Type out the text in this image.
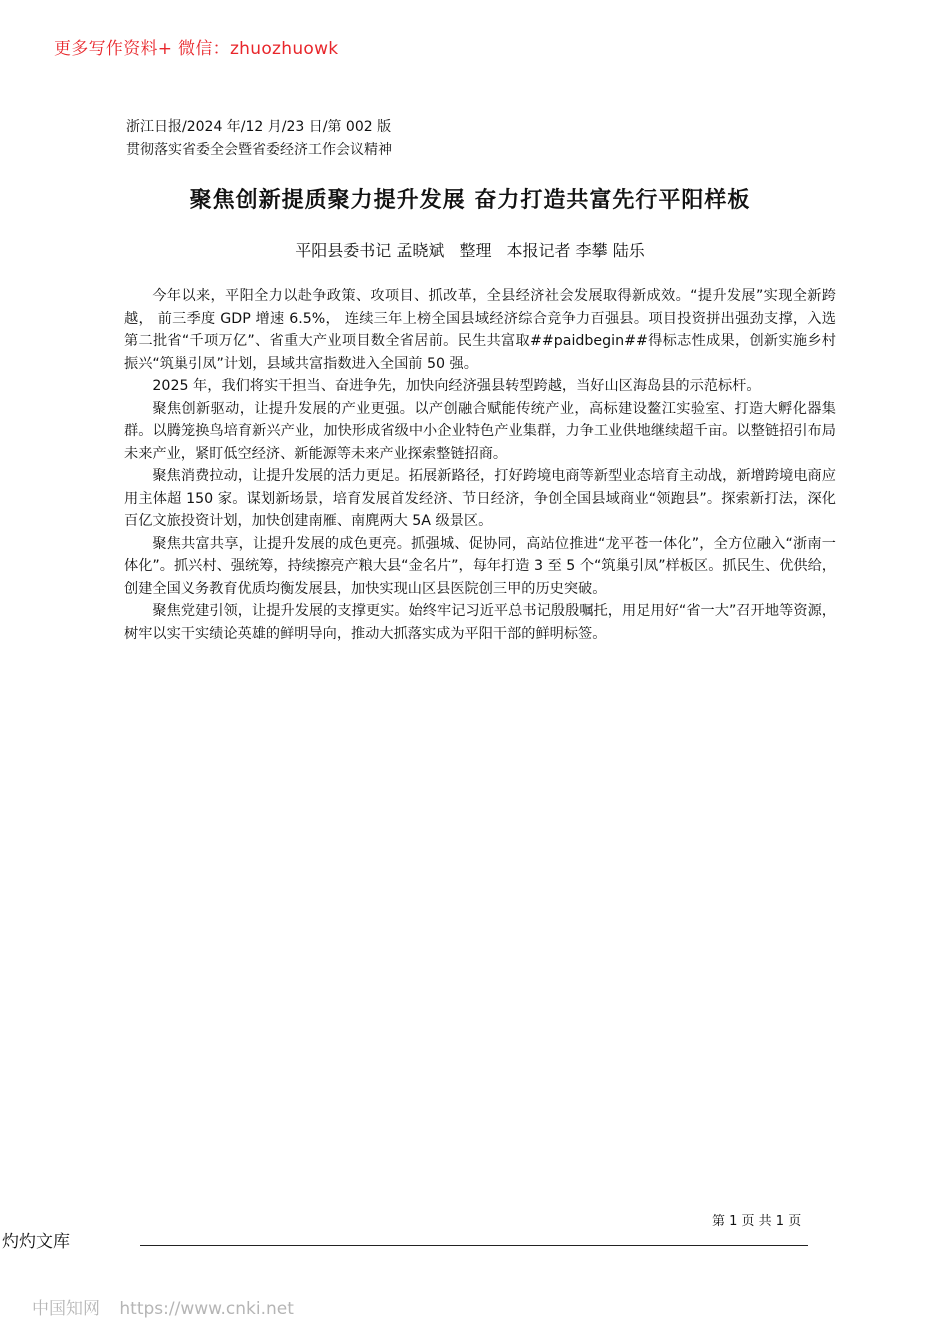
更多写作资料+ 微信：zhuozhuowk
浙江日报/2024 年/12 月/23 日/第 002 版
贯彻落实省委全会暨省委经济工作会议精神
聚焦创新提质聚力提升发展 奋力打造共富先行平阳样板
平阳县委书记 孟晓斌 整理 本报记者 李攀 陆乐

今年以来，平阳全力以赴争政策、攻项目、抓改革，全县经济社会发展取得新成效。“提升发展”实现全新跨越， 前三季度 GDP 增速 6.5%， 连续三年上榜全国县域经济综合竞争力百强县。项目投资拼出强劲支撑，入选第二批省“千项万亿”、省重大产业项目数全省居前。民生共富取##paidbegin##得标志性成果，创新实施乡村振兴“筑巢引凤”计划，县域共富指数进入全国前 50 强。

2025 年，我们将实干担当、奋进争先，加快向经济强县转型跨越，当好山区海岛县的示范标杆。

聚焦创新驱动，让提升发展的产业更强。以产创融合赋能传统产业，高标建设鳌江实验室、打造大孵化器集群。以腾笼换鸟培育新兴产业，加快形成省级中小企业特色产业集群，力争工业供地继续超千亩。以整链招引布局未来产业，紧盯低空经济、新能源等未来产业探索整链招商。

聚焦消费拉动，让提升发展的活力更足。拓展新路径，打好跨境电商等新型业态培育主动战，新增跨境电商应用主体超 150 家。谋划新场景，培育发展首发经济、节日经济，争创全国县域商业“领跑县”。探索新打法，深化百亿文旅投资计划，加快创建南雁、南麂两大 5A 级景区。

聚焦共富共享，让提升发展的成色更亮。抓强城、促协同，高站位推进“龙平苍一体化”，全方位融入“浙南一体化”。抓兴村、强统筹，持续擦亮产粮大县“金名片”，每年打造 3 至 5 个“筑巢引凤”样板区。抓民生、优供给，创建全国义务教育优质均衡发展县，加快实现山区县医院创三甲的历史突破。

聚焦党建引领，让提升发展的支撑更实。始终牢记习近平总书记殷殷嘱托，用足用好“省一大”召开地等资源，树牢以实干实绩论英雄的鲜明导向，推动大抓落实成为平阳干部的鲜明标签。

第 1 页 共 1 页
灼灼文库
中国知网 https://www.cnki.net
